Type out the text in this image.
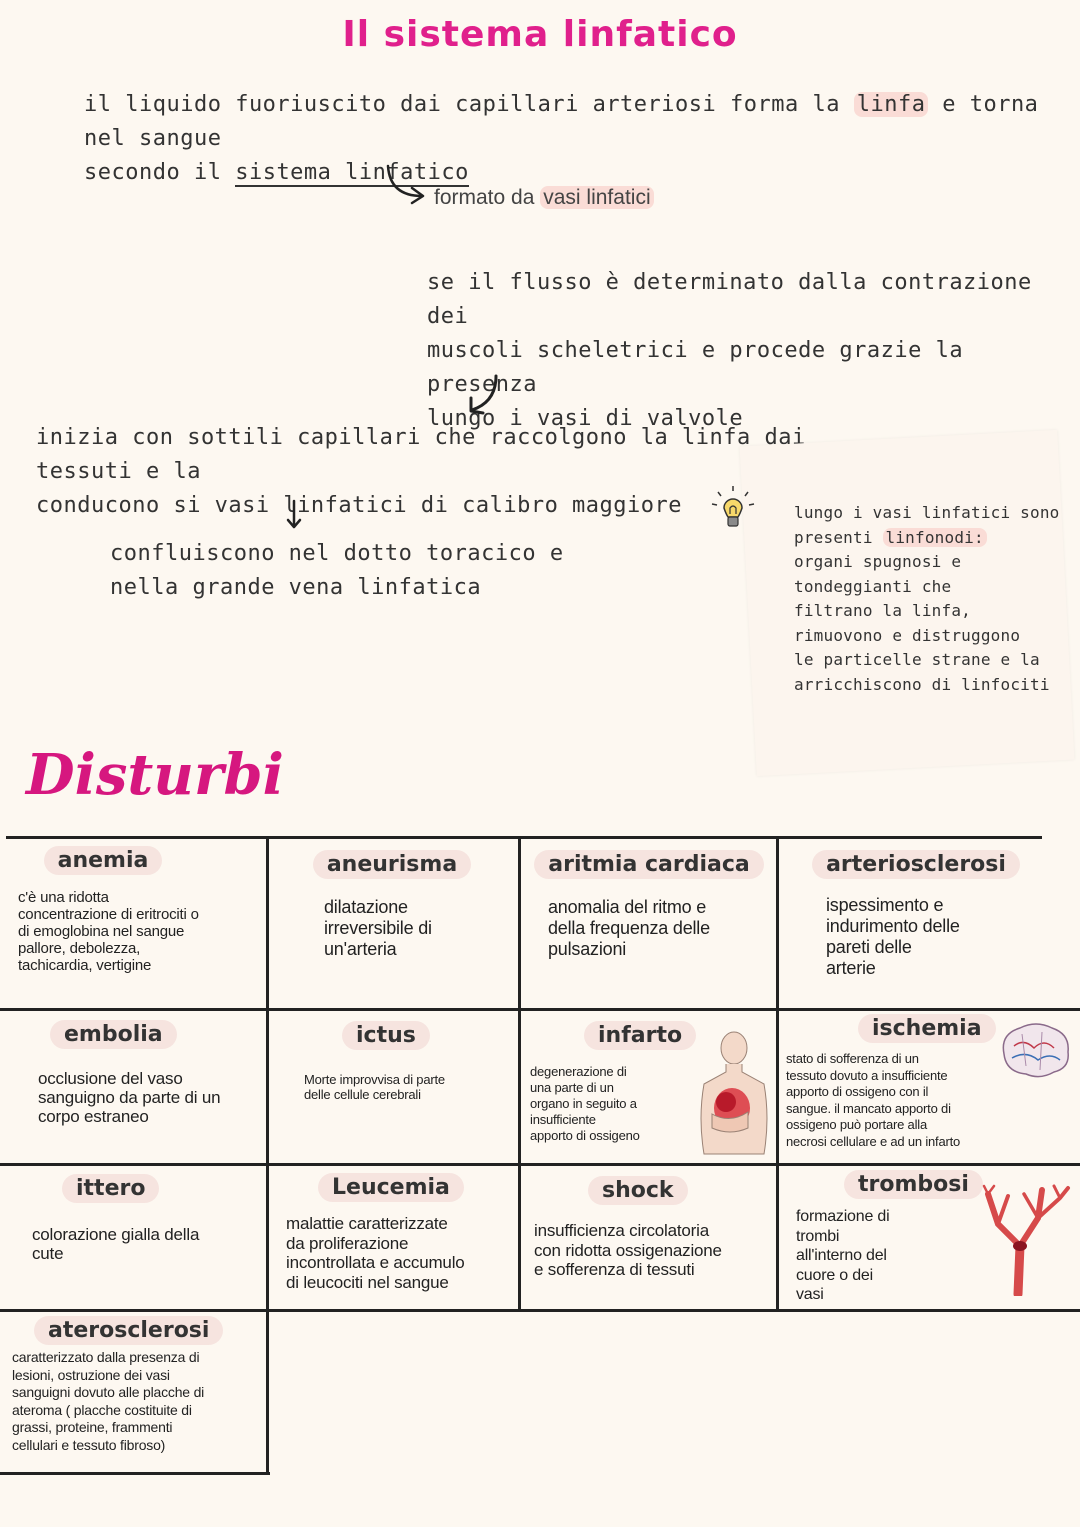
Il sistema linfatico
il liquido fuoriuscito dai capillari arteriosi forma la linfa e torna nel sangue
secondo il sistema linfatico
formato da vasi linfatici
se il flusso è determinato dalla contrazione dei
muscoli scheletrici e procede grazie la presenza
lungo i vasi di valvole
inizia con sottili capillari che raccolgono la linfa dai tessuti e la
conducono si vasi linfatici di calibro maggiore
confluiscono nel dotto toracico e
nella grande vena linfatica
lungo i vasi linfatici sono
presenti linfonodi:
organi spugnosi e
tondeggianti che
filtrano la linfa,
rimuovono e distruggono
le particelle strane e la
arricchiscono di linfociti
Disturbi
anemia
c'è una ridotta
concentrazione di eritrociti o
di emoglobina nel sangue
pallore, debolezza,
tachicardia, vertigine
aneurisma
dilatazione
irreversibile di
un'arteria
aritmia cardiaca
anomalia del ritmo e
della frequenza delle
pulsazioni
arteriosclerosi
ispessimento e
indurimento delle
pareti delle
arterie
embolia
occlusione del vaso
sanguigno da parte di un
corpo estraneo
ictus
Morte improvvisa di parte
delle cellule cerebrali
infarto
degenerazione di
una parte di un
organo in seguito a
insufficiente
apporto di ossigeno
ischemia
stato di sofferenza di un
tessuto dovuto a insufficiente
apporto di ossigeno con il
sangue. il mancato apporto di
ossigeno può portare alla
necrosi cellulare e ad un infarto
ittero
colorazione gialla della
cute
Leucemia
malattie caratterizzate
da proliferazione
incontrollata e accumulo
di leucociti nel sangue
shock
insufficienza circolatoria
con ridotta ossigenazione
e sofferenza di tessuti
trombosi
formazione di
trombi
all'interno del
cuore o dei
vasi
aterosclerosi
caratterizzato dalla presenza di
lesioni, ostruzione dei vasi
sanguigni dovuto alle placche di
ateroma ( placche costituite di
grassi, proteine, frammenti
cellulari e tessuto fibroso)
